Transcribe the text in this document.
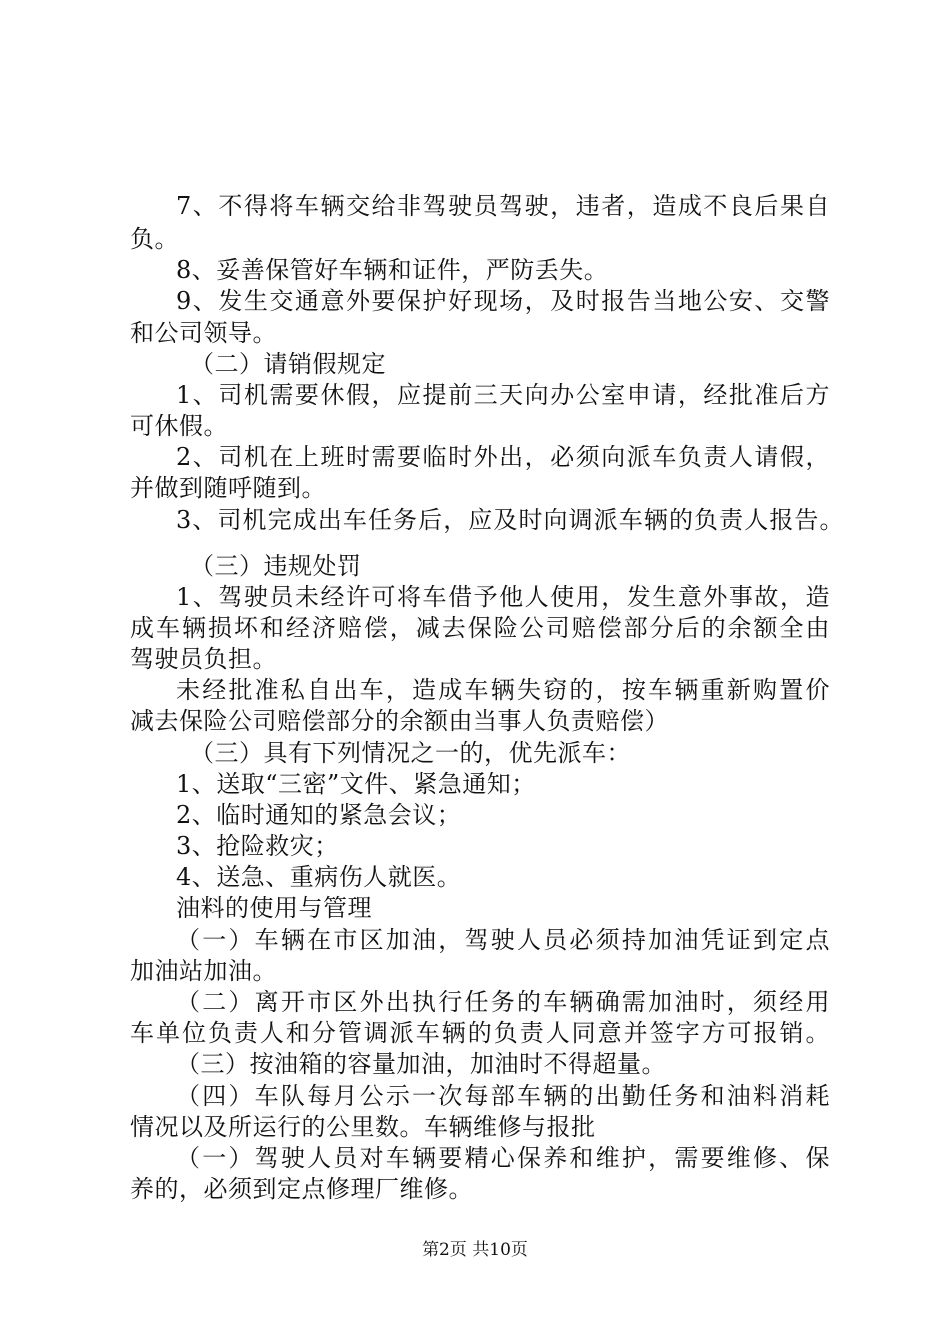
7、不得将车辆交给非驾驶员驾驶，违者，造成不良后果自
负。
8、妥善保管好车辆和证件，严防丢失。
9、发生交通意外要保护好现场，及时报告当地公安、交警
和公司领导。
（二）请销假规定
1、司机需要休假，应提前三天向办公室申请，经批准后方
可休假。
2、司机在上班时需要临时外出，必须向派车负责人请假，
并做到随呼随到。
3、司机完成出车任务后，应及时向调派车辆的负责人报告。
（三）违规处罚
1、驾驶员未经许可将车借予他人使用，发生意外事故，造
成车辆损坏和经济赔偿，减去保险公司赔偿部分后的余额全由
驾驶员负担。
未经批准私自出车，造成车辆失窃的，按车辆重新购置价
减去保险公司赔偿部分的余额由当事人负责赔偿）
（三）具有下列情况之一的，优先派车：
1、送取“三密”文件、紧急通知；
2、临时通知的紧急会议；
3、抢险救灾；
4、送急、重病伤人就医。
油料的使用与管理
（一）车辆在市区加油，驾驶人员必须持加油凭证到定点
加油站加油。
（二）离开市区外出执行任务的车辆确需加油时，须经用
车单位负责人和分管调派车辆的负责人同意并签字方可报销。
（三）按油箱的容量加油，加油时不得超量。
（四）车队每月公示一次每部车辆的出勤任务和油料消耗
情况以及所运行的公里数。车辆维修与报批
（一）驾驶人员对车辆要精心保养和维护，需要维修、保
养的，必须到定点修理厂维修。
第2页 共10页
